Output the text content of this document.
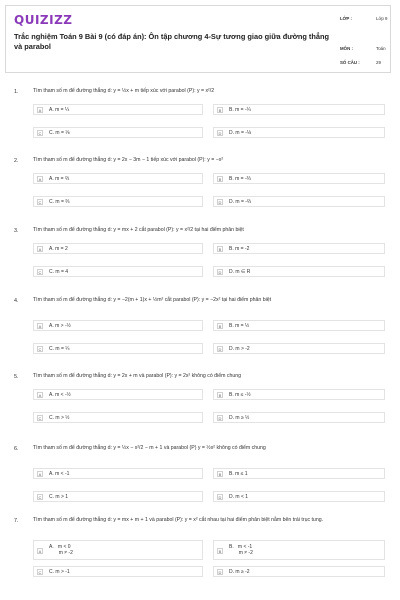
QUIZIZZ
Trắc nghiệm Toán 9 Bài 9 (có đáp án): Ôn tập chương 4-Sự tương giao giữa đường thẳng và parabol
LỚP :	Lớp 9
MÔN :	Toán
SỐ CÂU :	29
1.	Tìm tham số m để đường thẳng d: y = ½x + m tiếp xúc với parabol (P): y = x²/2
A	A. m = ¼	B	B. m = -¼
C	C. m = ⅛	D	D. m = -⅛
2.	Tìm tham số m để đường thẳng d: y = 2x − 3m − 1 tiếp xúc với parabol (P): y = −x²
A	A. m = ⅔	B	B. m = -⅔
C	C. m = ⅔	D	D. m = -⅔
3.	Tìm tham số m để đường thẳng d: y = mx + 2 cắt parabol (P): y = x²/2 tại hai điểm phân biệt
A	A. m = 2	B	B. m = -2
C	C. m = 4	D	D. m ∈ R
4.	Tìm tham số m để đường thẳng d: y = −2(m + 1)x + ½m² cắt parabol (P): y = −2x² tại hai điểm phân biệt
A	A. m > -½	B	B. m = ½
C	C. m = ¼	D	D. m > -2
5.	Tìm tham số m để đường thẳng d: y = 2x + m và parabol (P): y = 2x² không có điểm chung
A	A. m < -½	B	B. m ≤ -½
C	C. m > ½	D	D. m ≥ ½
6.	Tìm tham số m để đường thẳng d: y = ½x − x²/2 − m + 1 và parabol (P) y = ½x² không có điểm chung
A	A. m < -1	B	B. m ≤ 1
C	C. m > 1	D	D. m < 1
7.	Tìm tham số m để đường thẳng d: y = mx + m + 1 và parabol (P): y = x² cắt nhau tại hai điểm phân biệt nằm bên trái trục tung.
A
A.   m < 0
m ≠ -2	B
B.   m < -1
m ≠ -2
C	C. m > -1	D	D. m ≥ -2
